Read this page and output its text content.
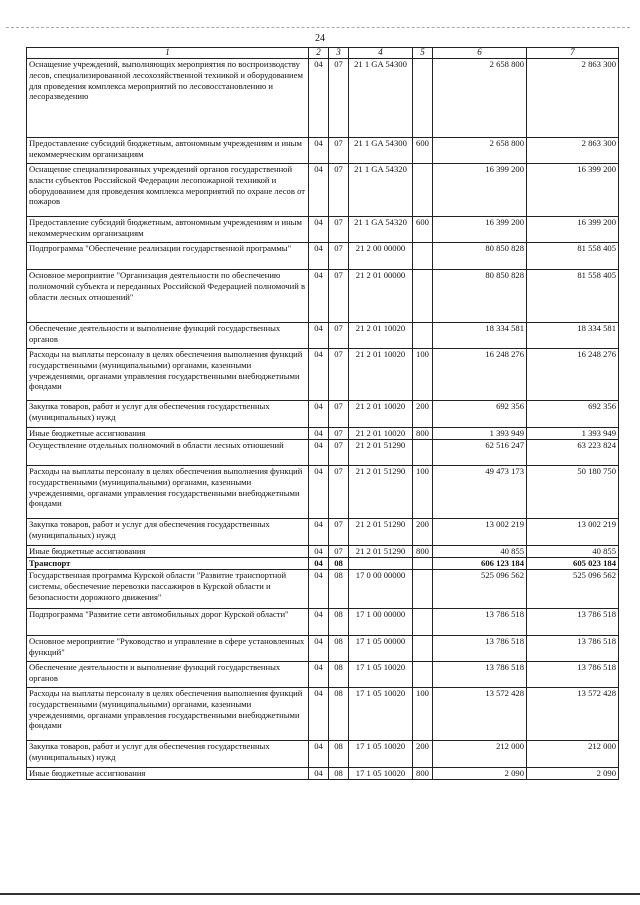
24
1	2	3	4	5	6	7
Оснащение учреждений, выполняющих мероприятия по воспроизводству лесов, специализированной лесохозяйственной техникой и оборудованием для проведения комплекса мероприятий по лесовосстановлению и лесоразведению	04	07	21 1 GA 54300		2 658 800	2 863 300
Предоставление субсидий бюджетным, автономным учреждениям и иным некоммерческим организациям	04	07	21 1 GA 54300	600	2 658 800	2 863 300
Оснащение специализированных учреждений органов государственной власти субъектов Российской Федерации лесопожарной техникой и оборудованием для проведения комплекса мероприятий по охране лесов от пожаров	04	07	21 1 GA 54320		16 399 200	16 399 200
Предоставление субсидий бюджетным, автономным учреждениям и иным некоммерческим организациям	04	07	21 1 GA 54320	600	16 399 200	16 399 200
Подпрограмма "Обеспечение реализации государственной программы"	04	07	21 2 00 00000		80 850 828	81 558 405
Основное мероприятие "Организация деятельности по обеспечению полномочий субъекта и переданных Российской Федерацией полномочий в области лесных отношений"	04	07	21 2 01 00000		80 850 828	81 558 405
Обеспечение деятельности и выполнение функций государственных органов	04	07	21 2 01 10020		18 334 581	18 334 581
Расходы на выплаты персоналу в целях обеспечения выполнения функций государственными (муниципальными) органами, казенными учреждениями, органами управления государственными внебюджетными фондами	04	07	21 2 01 10020	100	16 248 276	16 248 276
Закупка товаров, работ и услуг для обеспечения государственных (муниципальных) нужд	04	07	21 2 01 10020	200	692 356	692 356
Иные бюджетные ассигнования	04	07	21 2 01 10020	800	1 393 949	1 393 949
Осуществление отдельных полномочий в области лесных отношений	04	07	21 2 01 51290		62 516 247	63 223 824
Расходы на выплаты персоналу в целях обеспечения выполнения функций государственными (муниципальными) органами, казенными учреждениями, органами управления государственными внебюджетными фондами	04	07	21 2 01 51290	100	49 473 173	50 180 750
Закупка товаров, работ и услуг для обеспечения государственных (муниципальных) нужд	04	07	21 2 01 51290	200	13 002 219	13 002 219
Иные бюджетные ассигнования	04	07	21 2 01 51290	800	40 855	40 855
Транспорт	04	08			606 123 184	605 023 184
Государственная программа Курской области "Развитие транспортной системы, обеспечение перевозки пассажиров в Курской области и безопасности дорожного движения"	04	08	17 0 00 00000		525 096 562	525 096 562
Подпрограмма "Развитие сети автомобильных дорог Курской области"	04	08	17 1 00 00000		13 786 518	13 786 518
Основное мероприятие "Руководство и управление в сфере установленных функций"	04	08	17 1 05 00000		13 786 518	13 786 518
Обеспечение деятельности и выполнение функций государственных органов	04	08	17 1 05 10020		13 786 518	13 786 518
Расходы на выплаты персоналу в целях обеспечения выполнения функций государственными (муниципальными) органами, казенными учреждениями, органами управления государственными внебюджетными фондами	04	08	17 1 05 10020	100	13 572 428	13 572 428
Закупка товаров, работ и услуг для обеспечения государственных (муниципальных) нужд	04	08	17 1 05 10020	200	212 000	212 000
Иные бюджетные ассигнования	04	08	17 1 05 10020	800	2 090	2 090
